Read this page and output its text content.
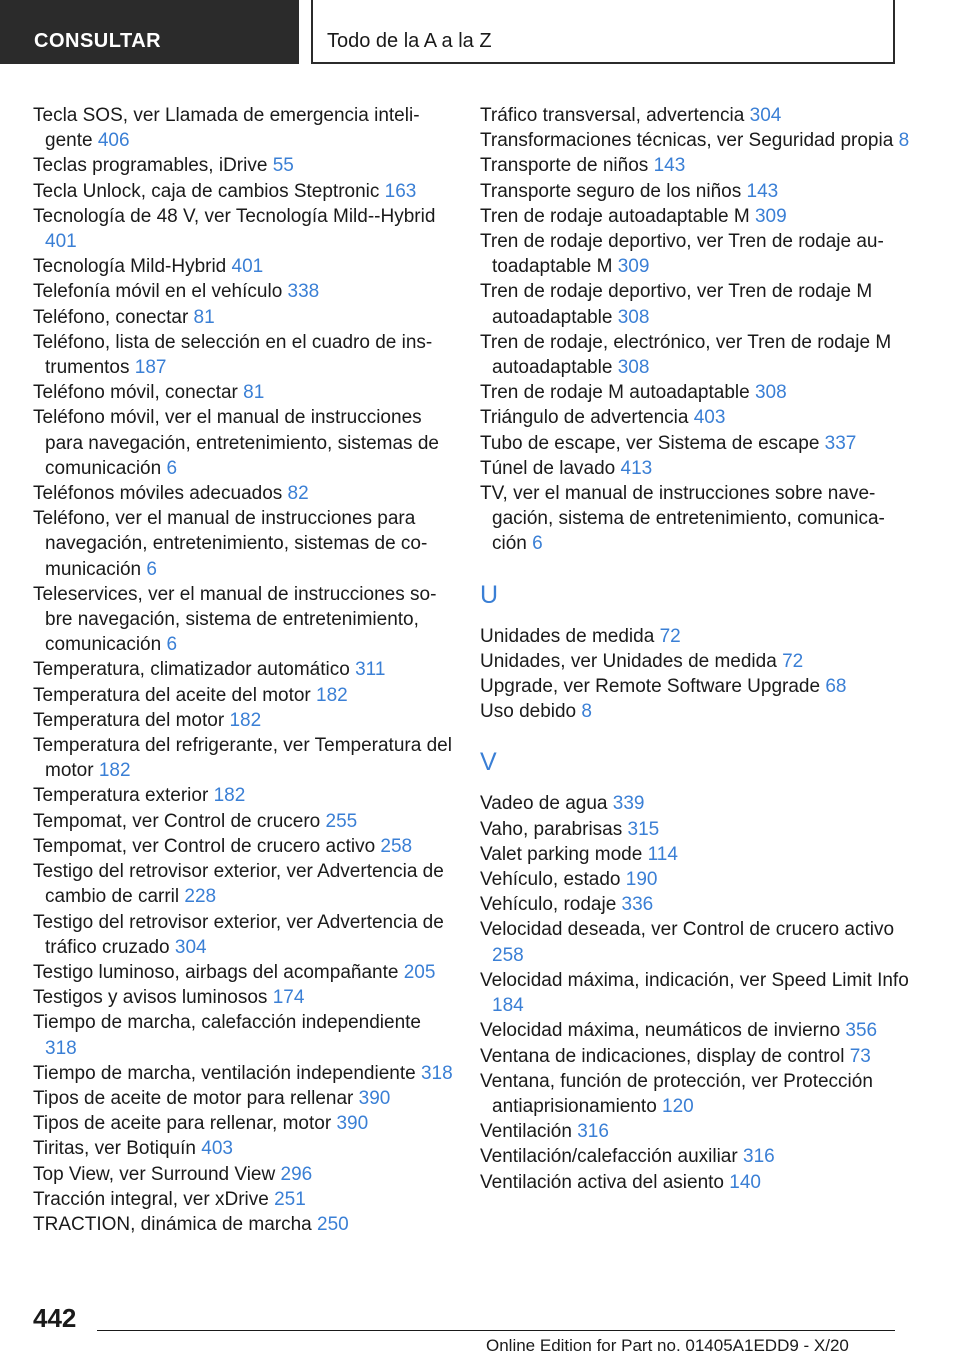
CONSULTAR	Todo de la A a la Z

Tecla SOS, ver Llamada de emergencia inteligente 406

Teclas programables, iDrive 55

Tecla Unlock, caja de cambios Steptronic 163

Tecnología de 48 V, ver Tecnología Mild-‑Hybrid 401

Tecnología Mild-Hybrid 401

Telefonía móvil en el vehículo 338

Teléfono, conectar 81

Teléfono, lista de selección en el cuadro de instrumentos 187

Teléfono móvil, conectar 81

Teléfono móvil, ver el manual de instrucciones para navegación, entretenimiento, sistemas de comunicación 6

Teléfonos móviles adecuados 82

Teléfono, ver el manual de instrucciones para navegación, entretenimiento, sistemas de comunicación 6

Teleservices, ver el manual de instrucciones sobre navegación, sistema de entretenimiento, comunicación 6

Temperatura, climatizador automático 311

Temperatura del aceite del motor 182

Temperatura del motor 182

Temperatura del refrigerante, ver Temperatura del motor 182

Temperatura exterior 182

Tempomat, ver Control de crucero 255

Tempomat, ver Control de crucero activo 258

Testigo del retrovisor exterior, ver Advertencia de cambio de carril 228

Testigo del retrovisor exterior, ver Advertencia de tráfico cruzado 304

Testigo luminoso, airbags del acompañante 205

Testigos y avisos luminosos 174

Tiempo de marcha, calefacción independiente 318

Tiempo de marcha, ventilación independiente 318

Tipos de aceite de motor para rellenar 390

Tipos de aceite para rellenar, motor 390

Tiritas, ver Botiquín 403

Top View, ver Surround View 296

Tracción integral, ver xDrive 251

TRACTION, dinámica de marcha 250

Tráfico transversal, advertencia 304

Transformaciones técnicas, ver Seguridad propia 8

Transporte de niños 143

Transporte seguro de los niños 143

Tren de rodaje autoadaptable M 309

Tren de rodaje deportivo, ver Tren de rodaje autoadaptable M 309

Tren de rodaje deportivo, ver Tren de rodaje M autoadaptable 308

Tren de rodaje, electrónico, ver Tren de rodaje M autoadaptable 308

Tren de rodaje M autoadaptable 308

Triángulo de advertencia 403

Tubo de escape, ver Sistema de escape 337

Túnel de lavado 413

TV, ver el manual de instrucciones sobre navegación, sistema de entretenimiento, comunicación 6

U

Unidades de medida 72

Unidades, ver Unidades de medida 72

Upgrade, ver Remote Software Upgrade 68

Uso debido 8

V

Vadeo de agua 339

Vaho, parabrisas 315

Valet parking mode 114

Vehículo, estado 190

Vehículo, rodaje 336

Velocidad deseada, ver Control de crucero activo 258

Velocidad máxima, indicación, ver Speed Limit Info 184

Velocidad máxima, neumáticos de invierno 356

Ventana de indicaciones, display de control 73

Ventana, función de protección, ver Protección antiaprisionamiento 120

Ventilación 316

Ventilación/calefacción auxiliar 316

Ventilación activa del asiento 140

442
Online Edition for Part no. 01405A1EDD9 - X/20
